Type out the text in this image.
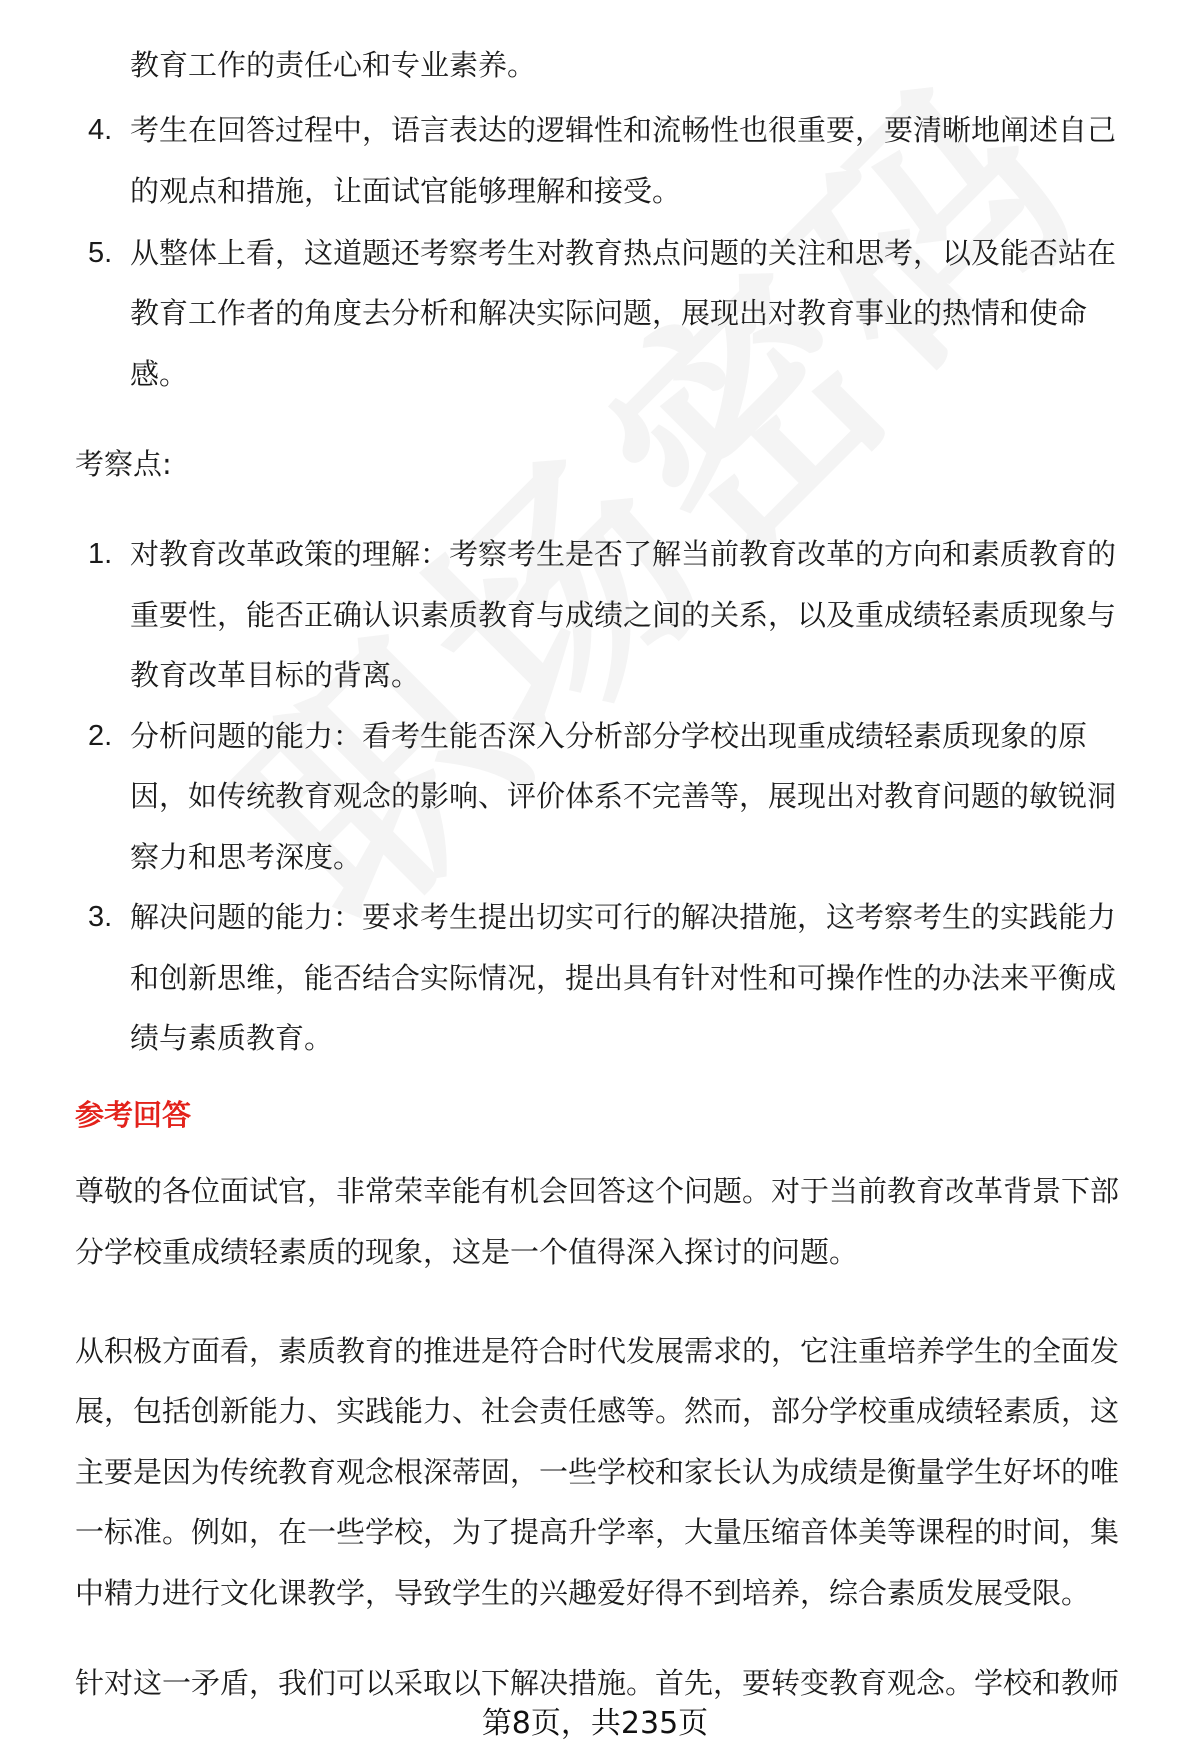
教育工作的责任心和专业素养。
4. 考生在回答过程中，语言表达的逻辑性和流畅性也很重要，要清晰地阐述自己
的观点和措施，让面试官能够理解和接受。
5. 从整体上看，这道题还考察考生对教育热点问题的关注和思考，以及能否站在
教育工作者的角度去分析和解决实际问题，展现出对教育事业的热情和使命
感。
考察点:
1. 对教育改革政策的理解：考察考生是否了解当前教育改革的方向和素质教育的
重要性，能否正确认识素质教育与成绩之间的关系，以及重成绩轻素质现象与
教育改革目标的背离。
2. 分析问题的能力：看考生能否深入分析部分学校出现重成绩轻素质现象的原
因，如传统教育观念的影响、评价体系不完善等，展现出对教育问题的敏锐洞
察力和思考深度。
3. 解决问题的能力：要求考生提出切实可行的解决措施，这考察考生的实践能力
和创新思维，能否结合实际情况，提出具有针对性和可操作性的办法来平衡成
绩与素质教育。
参考回答
尊敬的各位面试官，非常荣幸能有机会回答这个问题。对于当前教育改革背景下部
分学校重成绩轻素质的现象，这是一个值得深入探讨的问题。
从积极方面看，素质教育的推进是符合时代发展需求的，它注重培养学生的全面发
展，包括创新能力、实践能力、社会责任感等。然而，部分学校重成绩轻素质，这
主要是因为传统教育观念根深蒂固，一些学校和家长认为成绩是衡量学生好坏的唯
一标准。例如，在一些学校，为了提高升学率，大量压缩音体美等课程的时间，集
中精力进行文化课教学，导致学生的兴趣爱好得不到培养，综合素质发展受限。
针对这一矛盾，我们可以采取以下解决措施。首先，要转变教育观念。学校和教师
第8页，共235页
